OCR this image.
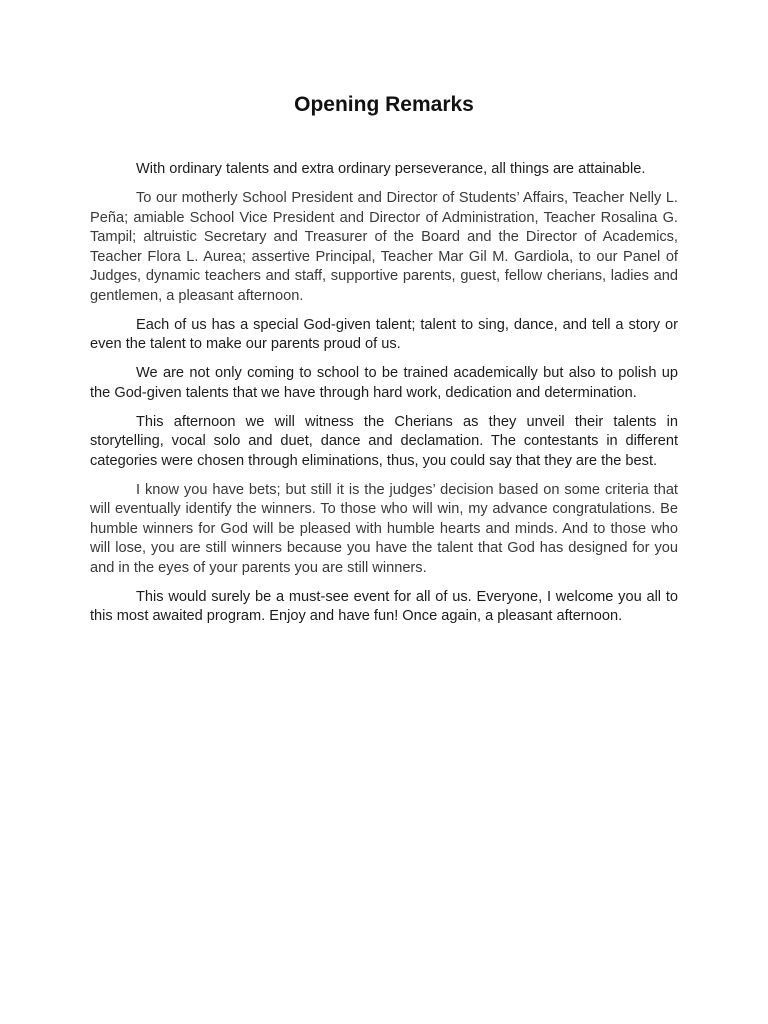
Opening Remarks

With ordinary talents and extra ordinary perseverance, all things are attainable.

To our motherly School President and Director of Students’ Affairs, Teacher Nelly L. Peña; amiable School Vice President and Director of Administration, Teacher Rosalina G. Tampil; altruistic Secretary and Treasurer of the Board and the Director of Academics, Teacher Flora L. Aurea; assertive Principal, Teacher Mar Gil M. Gardiola, to our Panel of Judges, dynamic teachers and staff, supportive parents, guest, fellow cherians, ladies and gentlemen, a pleasant afternoon.

Each of us has a special God-given talent; talent to sing, dance, and tell a story or even the talent to make our parents proud of us.

We are not only coming to school to be trained academically but also to polish up the God-given talents that we have through hard work, dedication and determination.

This afternoon we will witness the Cherians as they unveil their talents in storytelling, vocal solo and duet, dance and declamation. The contestants in different categories were chosen through eliminations, thus, you could say that they are the best.

I know you have bets; but still it is the judges’ decision based on some criteria that will eventually identify the winners. To those who will win, my advance congratulations. Be humble winners for God will be pleased with humble hearts and minds. And to those who will lose, you are still winners because you have the talent that God has designed for you and in the eyes of your parents you are still winners.

This would surely be a must-see event for all of us. Everyone, I welcome you all to this most awaited program. Enjoy and have fun! Once again, a pleasant afternoon.
